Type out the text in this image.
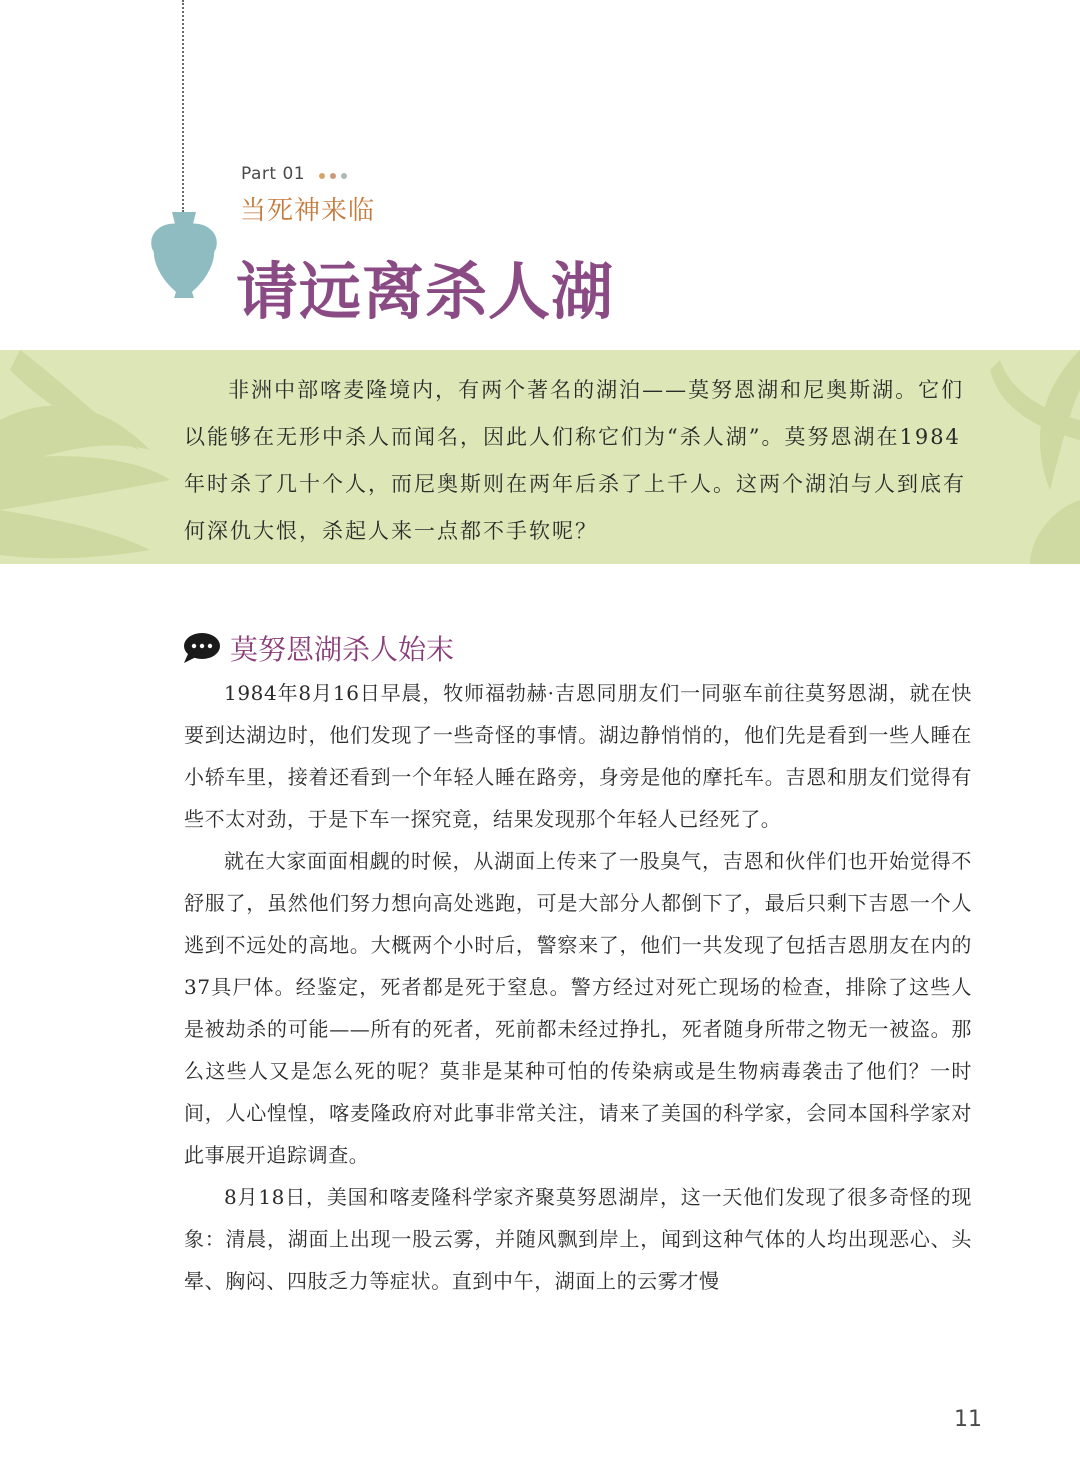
Part 01
当死神来临
请远离杀人湖

非洲中部喀麦隆境内，有两个著名的湖泊——莫努恩湖和尼奥斯湖。它们以能够在无形中杀人而闻名，因此人们称它们为“杀人湖”。莫努恩湖在1984年时杀了几十个人，而尼奥斯则在两年后杀了上千人。这两个湖泊与人到底有何深仇大恨，杀起人来一点都不手软呢？

莫努恩湖杀人始末

1984年8月16日早晨，牧师福勃赫·吉恩同朋友们一同驱车前往莫努恩湖，就在快要到达湖边时，他们发现了一些奇怪的事情。湖边静悄悄的，他们先是看到一些人睡在小轿车里，接着还看到一个年轻人睡在路旁，身旁是他的摩托车。吉恩和朋友们觉得有些不太对劲，于是下车一探究竟，结果发现那个年轻人已经死了。

就在大家面面相觑的时候，从湖面上传来了一股臭气，吉恩和伙伴们也开始觉得不舒服了，虽然他们努力想向高处逃跑，可是大部分人都倒下了，最后只剩下吉恩一个人逃到不远处的高地。大概两个小时后，警察来了，他们一共发现了包括吉恩朋友在内的37具尸体。经鉴定，死者都是死于窒息。警方经过对死亡现场的检查，排除了这些人是被劫杀的可能——所有的死者，死前都未经过挣扎，死者随身所带之物无一被盗。那么这些人又是怎么死的呢？莫非是某种可怕的传染病或是生物病毒袭击了他们？一时间，人心惶惶，喀麦隆政府对此事非常关注，请来了美国的科学家，会同本国科学家对此事展开追踪调查。

8月18日，美国和喀麦隆科学家齐聚莫努恩湖岸，这一天他们发现了很多奇怪的现象：清晨，湖面上出现一股云雾，并随风飘到岸上，闻到这种气体的人均出现恶心、头晕、胸闷、四肢乏力等症状。直到中午，湖面上的云雾才慢

11
